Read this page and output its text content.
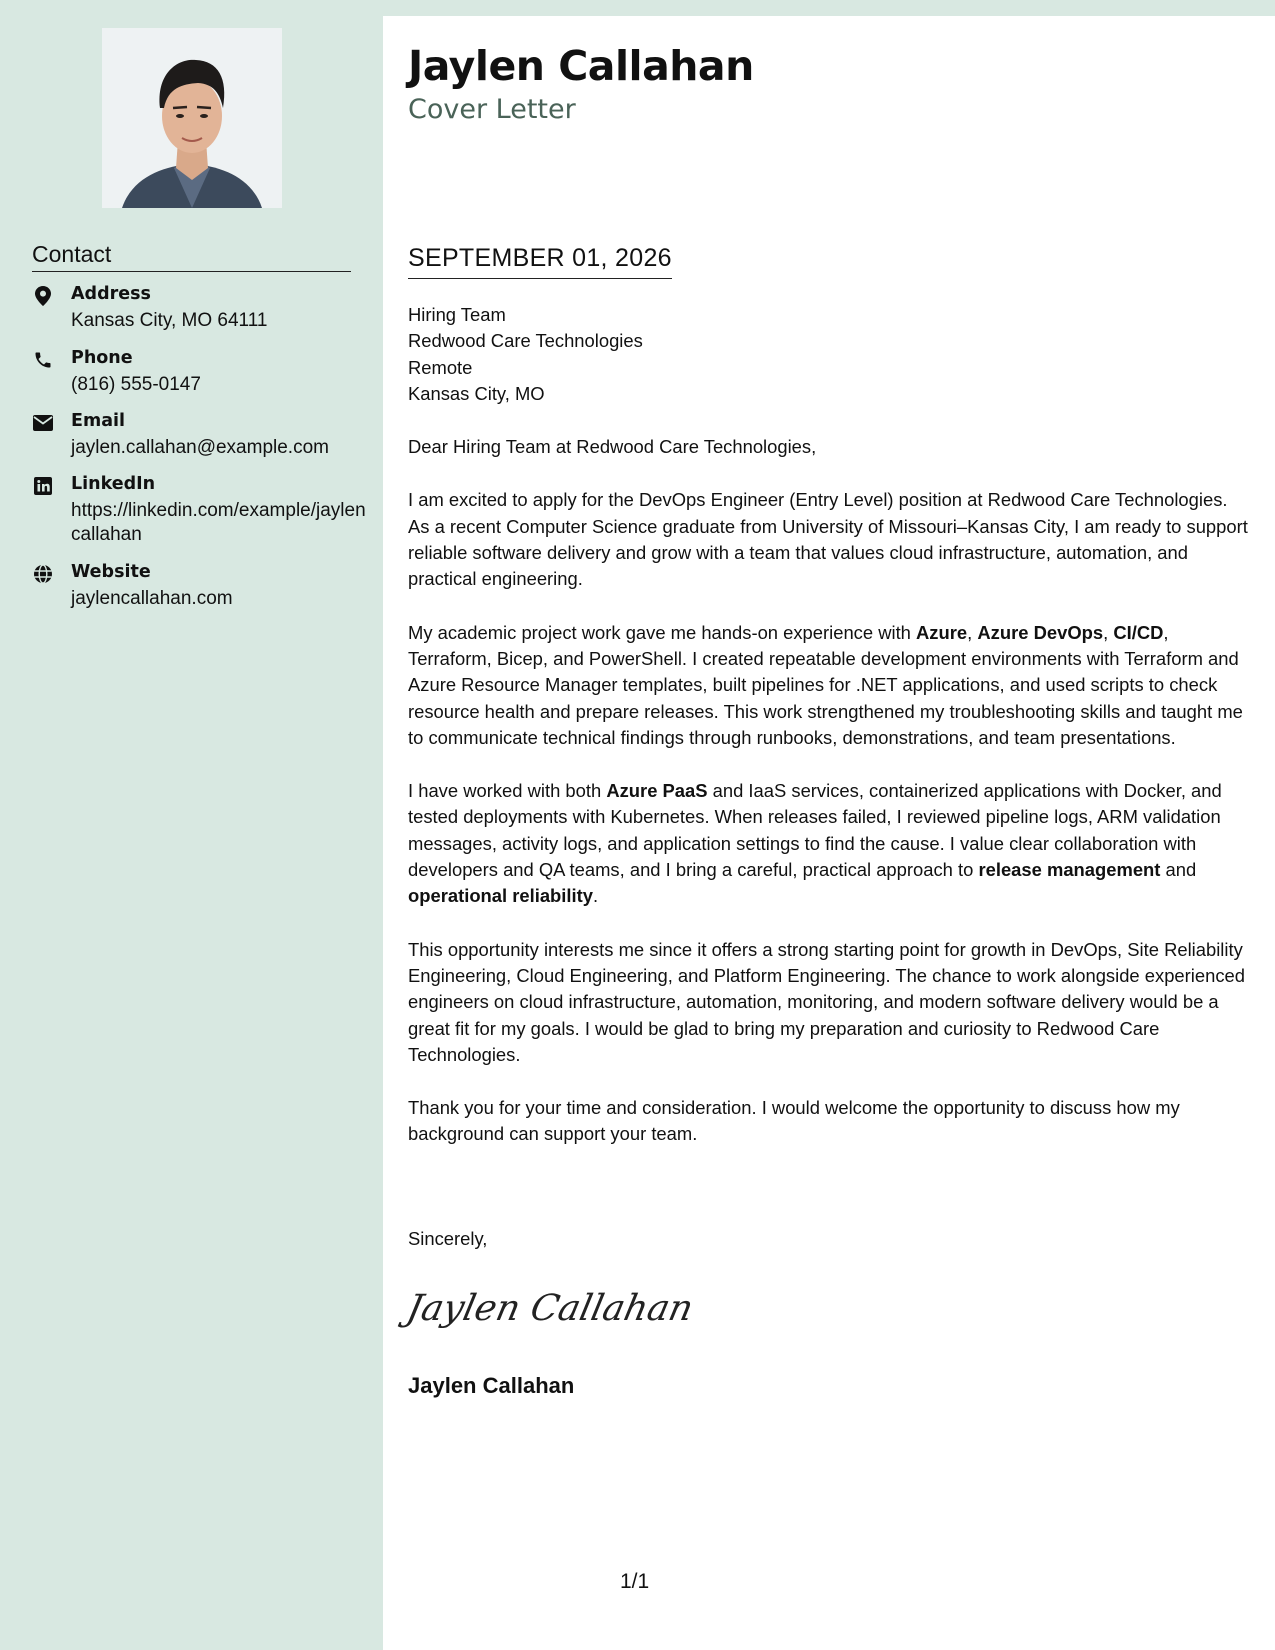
Contact
Address
Kansas City, MO 64111
Phone
(816) 555-0147
Email
jaylen.callahan@example.com
LinkedIn
https://linkedin.com/example/jaylencallahan
Website
jaylencallahan.com
Jaylen Callahan
Cover Letter
SEPTEMBER 01, 2026

Hiring Team

Redwood Care Technologies

Remote

Kansas City, MO

Dear Hiring Team at Redwood Care Technologies,

I am excited to apply for the DevOps Engineer (Entry Level) position at Redwood Care Technologies. As a recent Computer Science graduate from University of Missouri–Kansas City, I am ready to support reliable software delivery and grow with a team that values cloud infrastructure, automation, and practical engineering.

My academic project work gave me hands-on experience with Azure, Azure DevOps, CI/CD, Terraform, Bicep, and PowerShell. I created repeatable development environments with Terraform and Azure Resource Manager templates, built pipelines for .NET applications, and used scripts to check resource health and prepare releases. This work strengthened my troubleshooting skills and taught me to communicate technical findings through runbooks, demonstrations, and team presentations.

I have worked with both Azure PaaS and IaaS services, containerized applications with Docker, and tested deployments with Kubernetes. When releases failed, I reviewed pipeline logs, ARM validation messages, activity logs, and application settings to find the cause. I value clear collaboration with developers and QA teams, and I bring a careful, practical approach to release management and operational reliability.

This opportunity interests me since it offers a strong starting point for growth in DevOps, Site Reliability Engineering, Cloud Engineering, and Platform Engineering. The chance to work alongside experienced engineers on cloud infrastructure, automation, monitoring, and modern software delivery would be a great fit for my goals. I would be glad to bring my preparation and curiosity to Redwood Care Technologies.

Thank you for your time and consideration. I would welcome the opportunity to discuss how my background can support your team.

Sincerely,
Jaylen Callahan
Jaylen Callahan
1/1
